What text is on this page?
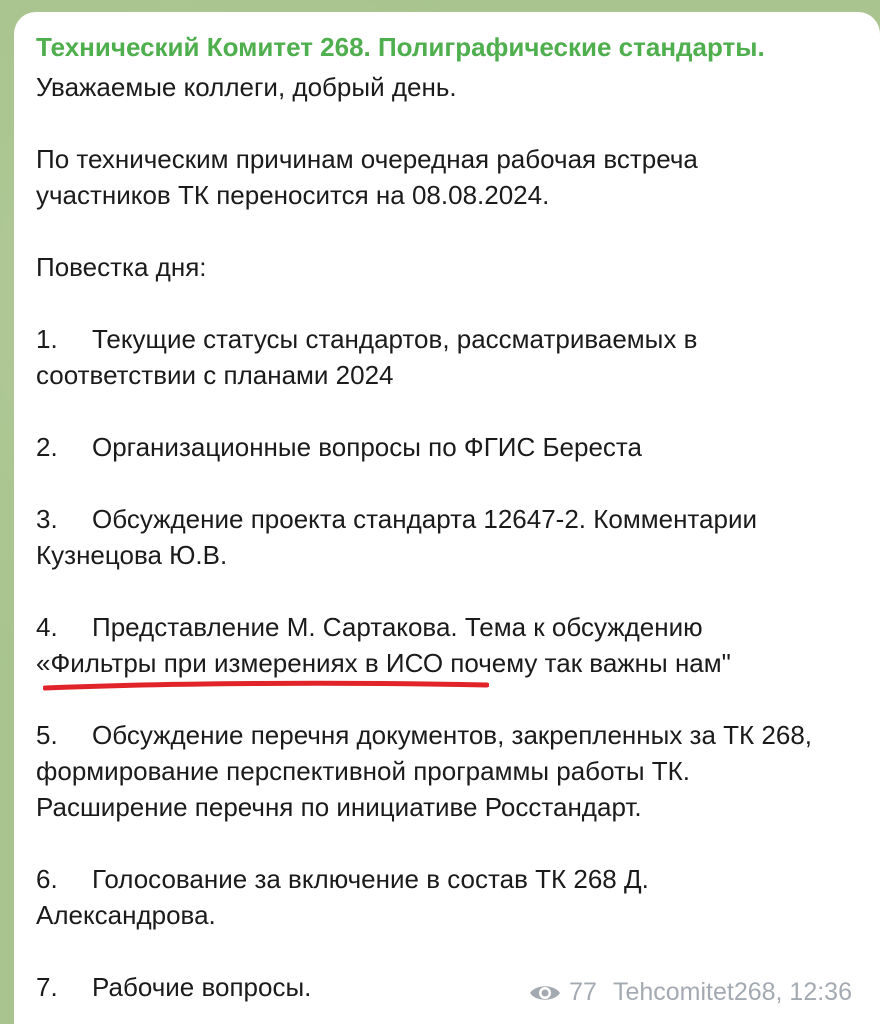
Технический Комитет 268. Полиграфические стандарты.
Уважаемые коллеги, добрый день.
По техническим причинам очередная рабочая встреча
участников ТК переносится на 08.08.2024.
Повестка дня:
1. Текущие статусы стандартов, рассматриваемых в
соответствии с планами 2024
2. Организационные вопросы по ФГИС Береста
3. Обсуждение проекта стандарта 12647-2. Комментарии
Кузнецова Ю.В.
4. Представление М. Сартакова. Тема к обсуждению
«Фильтры при измерениях в ИСО почему так важны нам"
5. Обсуждение перечня документов, закрепленных за ТК 268,
формирование перспективной программы работы ТК.
Расширение перечня по инициативе Росстандарт.
6. Голосование за включение в состав ТК 268 Д.
Александрова.
7. Рабочие вопросы.	77 Tehcomitet268, 12:36
